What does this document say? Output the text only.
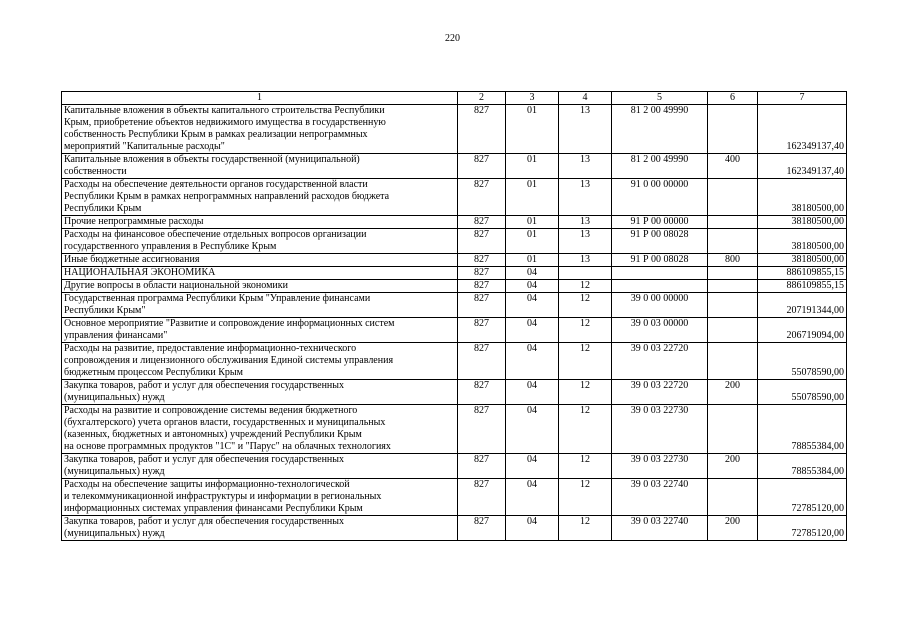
220
1	2	3	4	5	6	7
Капитальные вложения в объекты капитального строительства Республики
Крым, приобретение объектов недвижимого имущества в государственную
собственность Республики Крым в рамках реализации непрограммных
мероприятий "Капитальные расходы"	827	01	13	81 2 00 49990		162349137,40
Капитальные вложения в объекты государственной (муниципальной)
собственности	827	01	13	81 2 00 49990	400	162349137,40
Расходы на обеспечение деятельности органов государственной власти
Республики Крым в рамках непрограммных направлений расходов бюджета
Республики Крым	827	01	13	91 0 00 00000		38180500,00
Прочие непрограммные расходы	827	01	13	91 Р 00 00000		38180500,00
Расходы на финансовое обеспечение отдельных вопросов организации
государственного управления в Республике Крым	827	01	13	91 Р 00 08028		38180500,00
Иные бюджетные ассигнования	827	01	13	91 Р 00 08028	800	38180500,00
НАЦИОНАЛЬНАЯ ЭКОНОМИКА	827	04				886109855,15
Другие вопросы в области национальной экономики	827	04	12			886109855,15
Государственная программа Республики Крым "Управление финансами
Республики Крым"	827	04	12	39 0 00 00000		207191344,00
Основное мероприятие "Развитие и сопровождение информационных систем
управления финансами"	827	04	12	39 0 03 00000		206719094,00
Расходы на развитие, предоставление информационно-технического
сопровождения и лицензионного обслуживания Единой системы управления
бюджетным процессом Республики Крым	827	04	12	39 0 03 22720		55078590,00
Закупка товаров, работ и услуг для обеспечения государственных
(муниципальных) нужд	827	04	12	39 0 03 22720	200	55078590,00
Расходы на развитие и сопровождение системы ведения бюджетного
(бухгалтерского) учета органов власти, государственных и муниципальных
(казенных, бюджетных и автономных) учреждений Республики Крым
на основе программных продуктов "1С" и "Парус" на облачных технологиях	827	04	12	39 0 03 22730		78855384,00
Закупка товаров, работ и услуг для обеспечения государственных
(муниципальных) нужд	827	04	12	39 0 03 22730	200	78855384,00
Расходы на обеспечение защиты информационно-технологической
и телекоммуникационной инфраструктуры и информации в региональных
информационных системах управления финансами Республики Крым	827	04	12	39 0 03 22740		72785120,00
Закупка товаров, работ и услуг для обеспечения государственных
(муниципальных) нужд	827	04	12	39 0 03 22740	200	72785120,00
